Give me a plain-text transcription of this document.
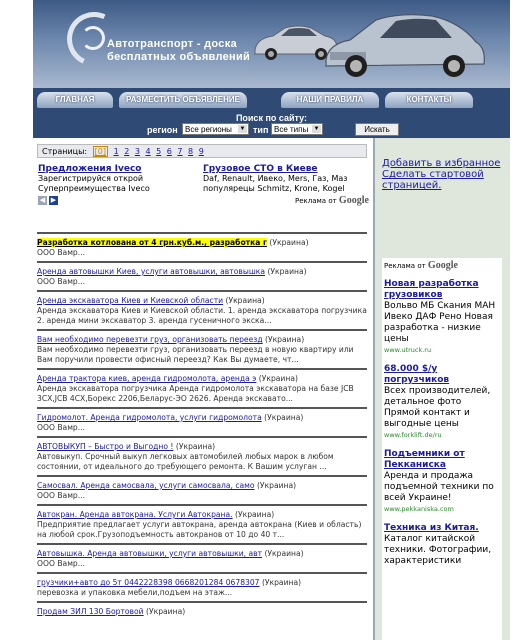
Автотранспорт - доска
бесплатных объявлений
ГЛАВНАЯ	РАЗМЕСТИТЬ ОБЪЯВЛЕНИЕ	НАШИ ПРАВИЛА	КОНТАКТЫ
Поиск по сайту:
регион Все регионы ▼ тип Все типы ▼	Искать
Страницы: [0] 1 2 3 4 5 6 7 8 9
Предложения Iveco
Зарегистрируйся открой
Суперпреимущества Iveco
Грузовое СТО в Киеве
Daf, Renault, Ивеко, Mers, Газ, Маз
популярецы Schmitz, Krone, Kogel
◀ ▶	Реклама от Google
Разработка котлована от 4 грн.куб.м., разработка г (Украина)
ООО Вамр...
Аренда автовышки Киев, услуги автовышки, автовышка (Украина)
ООО Вамр...
Аренда экскаватора Киев и Киевской области (Украина)
Аренда экскаватора Киев и Киевской области. 1. аренда экскаватора погрузчика 2. аренда мини экскаватор 3. аренда гусеничного экска...
Вам необходимо перевезти груз, организовать переезд (Украина)
Вам необходимо перевезти груз, организовать переезд в новую квартиру или Вам поручили провести офисный переезд? Как Вы думаете, чт...
Аренда трактора киев, аренда гидромолота, аренда э (Украина)
Аренда экскаватора погрузчика Аренда гидромолота экскаватора на базе JCB 3CX,JCB 4CX,Борекс 2206,Беларус-ЭО 2626. Аренда экскавато...
Гидромолот. Аренда гидромолота, услуги гидромолота (Украина)
ООО Вамр...
АВТОВЫКУП – Быстро и Выгодно ! (Украина)
Автовыкуп. Срочный выкуп легковых автомобилей любых марок в любом состоянии, от идеального до требующего ремонта. К Вашим услуган ...
Самосвал. Аренда самосвала, услуги самосвала, само (Украина)
ООО Вамр...
Автокран. Аренда автокрана. Услуги Автокрана. (Украина)
Предприятие предлагает услуги автокрана, аренда автокрана (Киев и область) на любой срок.Грузоподъемность автокранов от 10 до 40 т...
Автовышка. Аренда автовышки, услуги автовышки, авт (Украина)
ООО Вамр...
грузчики+авто до 5т 0442228398 0668201284 0678307 (Украина)
перевозка и упаковка мебели,подъем на этаж...
Продам ЗИЛ 130 Бортовой (Украина)
Добавить в избранное
Сделать стартовой страницей.
Реклама от Google
Новая разработка грузовиков
Вольво МБ Скания МАН Ивеко ДАФ Рено Новая разработка - низкие цены
www.utruck.ru
68.000 $/у погрузчиков
Всех производителей, детальное фото Прямой контакт и выгодные цены
www.forklift.de/ru
Подъемники от Пекканиска
Аренда и продажа подъемной техники по всей Украине!
www.pekkaniska.com
Техника из Китая.
Каталог китайской техники. Фотографии, характеристики
